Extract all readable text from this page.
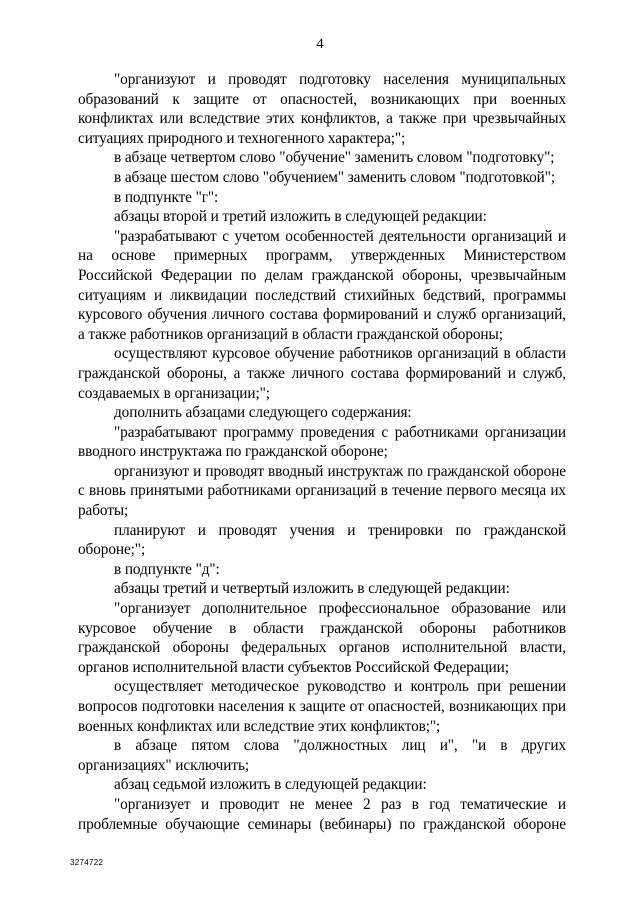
4

"организуют и проводят подготовку населения муниципальных образований к защите от опасностей, возникающих при военных конфликтах или вследствие этих конфликтов, а также при чрезвычайных ситуациях природного и техногенного характера;";

в абзаце четвертом слово "обучение" заменить словом "подготовку";

в абзаце шестом слово "обучением" заменить словом "подготовкой";

в подпункте "г":

абзацы второй и третий изложить в следующей редакции:

"разрабатывают с учетом особенностей деятельности организаций и на основе примерных программ, утвержденных Министерством Российской Федерации по делам гражданской обороны, чрезвычайным ситуациям и ликвидации последствий стихийных бедствий, программы курсового обучения личного состава формирований и служб организаций, а также работников организаций в области гражданской обороны;

осуществляют курсовое обучение работников организаций в области гражданской обороны, а также личного состава формирований и служб, создаваемых в организации;";

дополнить абзацами следующего содержания:

"разрабатывают программу проведения с работниками организации вводного инструктажа по гражданской обороне;

организуют и проводят вводный инструктаж по гражданской обороне с вновь принятыми работниками организаций в течение первого месяца их работы;

планируют и проводят учения и тренировки по гражданской обороне;";

в подпункте "д":

абзацы третий и четвертый изложить в следующей редакции:

"организует дополнительное профессиональное образование или курсовое обучение в области гражданской обороны работников гражданской обороны федеральных органов исполнительной власти, органов исполнительной власти субъектов Российской Федерации;

осуществляет методическое руководство и контроль при решении вопросов подготовки населения к защите от опасностей, возникающих при военных конфликтах или вследствие этих конфликтов;";

в абзаце пятом слова "должностных лиц и", "и в других организациях" исключить;

абзац седьмой изложить в следующей редакции:

"организует и проводит не менее 2 раз в год тематические и проблемные обучающие семинары (вебинары) по гражданской обороне

3274722
